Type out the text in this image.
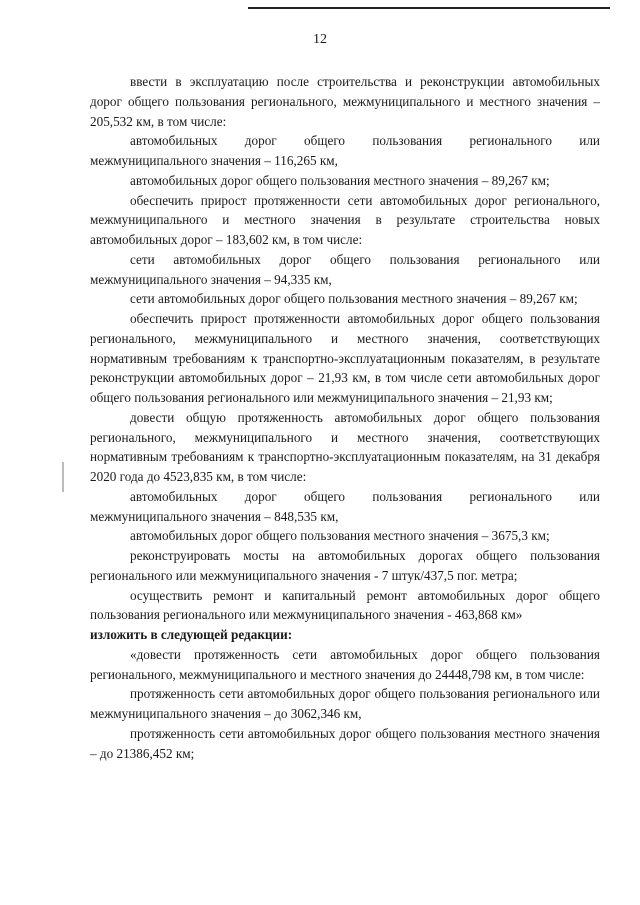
12

ввести в эксплуатацию после строительства и реконструкции автомобильных дорог общего пользования регионального, межмуниципального и местного значения – 205,532 км, в том числе:

автомобильных дорог общего пользования регионального или межмуниципального значения – 116,265 км,

автомобильных дорог общего пользования местного значения – 89,267 км;

обеспечить прирост протяженности сети автомобильных дорог регионального, межмуниципального и местного значения в результате строительства новых автомобильных дорог – 183,602 км, в том числе:

сети автомобильных дорог общего пользования регионального или межмуниципального значения – 94,335 км,

сети автомобильных дорог общего пользования местного значения – 89,267 км;

обеспечить прирост протяженности автомобильных дорог общего пользования регионального, межмуниципального и местного значения, соответствующих нормативным требованиям к транспортно-эксплуатационным показателям, в результате реконструкции автомобильных дорог – 21,93 км, в том числе сети автомобильных дорог общего пользования регионального или межмуниципального значения – 21,93 км;

довести общую протяженность автомобильных дорог общего пользования регионального, межмуниципального и местного значения, соответствующих нормативным требованиям к транспортно-эксплуатационным показателям, на 31 декабря 2020 года до 4523,835 км, в том числе:

автомобильных дорог общего пользования регионального или межмуниципального значения – 848,535 км,

автомобильных дорог общего пользования местного значения – 3675,3 км;

реконструировать мосты на автомобильных дорогах общего пользования регионального или межмуниципального значения - 7 штук/437,5 пог. метра;

осуществить ремонт и капитальный ремонт автомобильных дорог общего пользования регионального или межмуниципального значения - 463,868 км»

изложить в следующей редакции:

«довести протяженность сети автомобильных дорог общего пользования регионального, межмуниципального и местного значения до 24448,798 км, в том числе:

протяженность сети автомобильных дорог общего пользования регионального или межмуниципального значения – до 3062,346 км,

протяженность сети автомобильных дорог общего пользования местного значения – до 21386,452 км;
